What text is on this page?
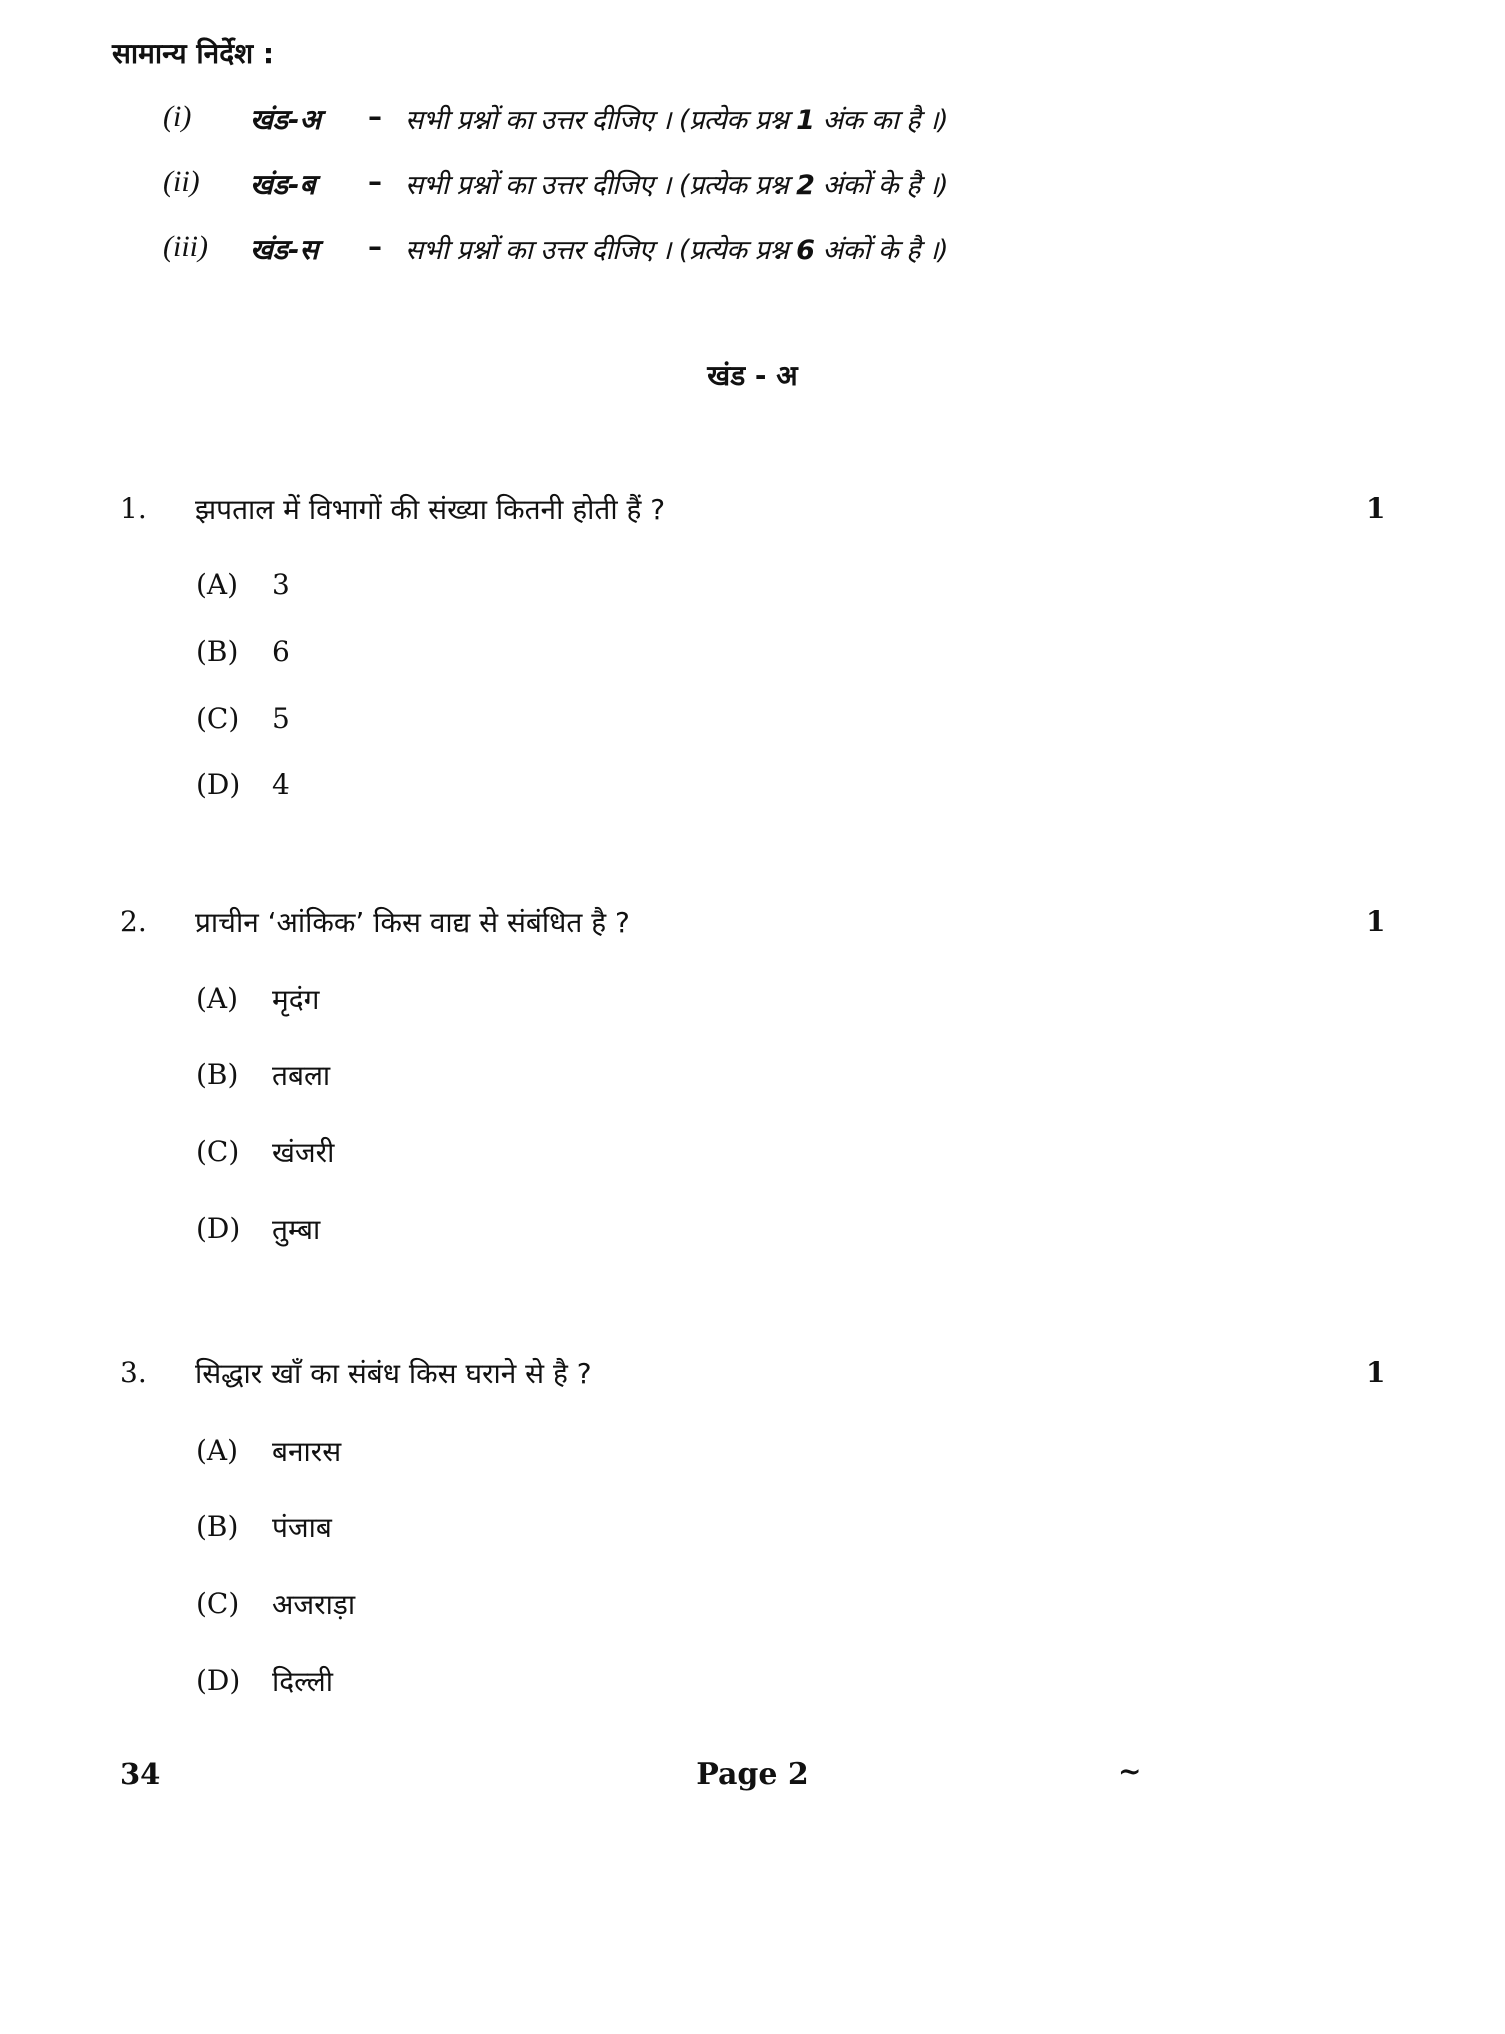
सामान्य निर्देश :
(i) खंड-अ – सभी प्रश्नों का उत्तर दीजिए । (प्रत्येक प्रश्न 1 अंक का है ।)
(ii) खंड-ब – सभी प्रश्नों का उत्तर दीजिए । (प्रत्येक प्रश्न 2 अंकों के है ।)
(iii) खंड-स – सभी प्रश्नों का उत्तर दीजिए । (प्रत्येक प्रश्न 6 अंकों के है ।)
खंड - अ
1. झपताल में विभागों की संख्या कितनी होती हैं ?	1
(A) 3
(B) 6
(C) 5
(D) 4
2. प्राचीन ‘आंकिक’ किस वाद्य से संबंधित है ?	1
(A) मृदंग
(B) तबला
(C) खंजरी
(D) तुम्बा
3. सिद्धार खाँ का संबंध किस घराने से है ?	1
(A) बनारस
(B) पंजाब
(C) अजराड़ा
(D) दिल्ली
34	Page 2	~
